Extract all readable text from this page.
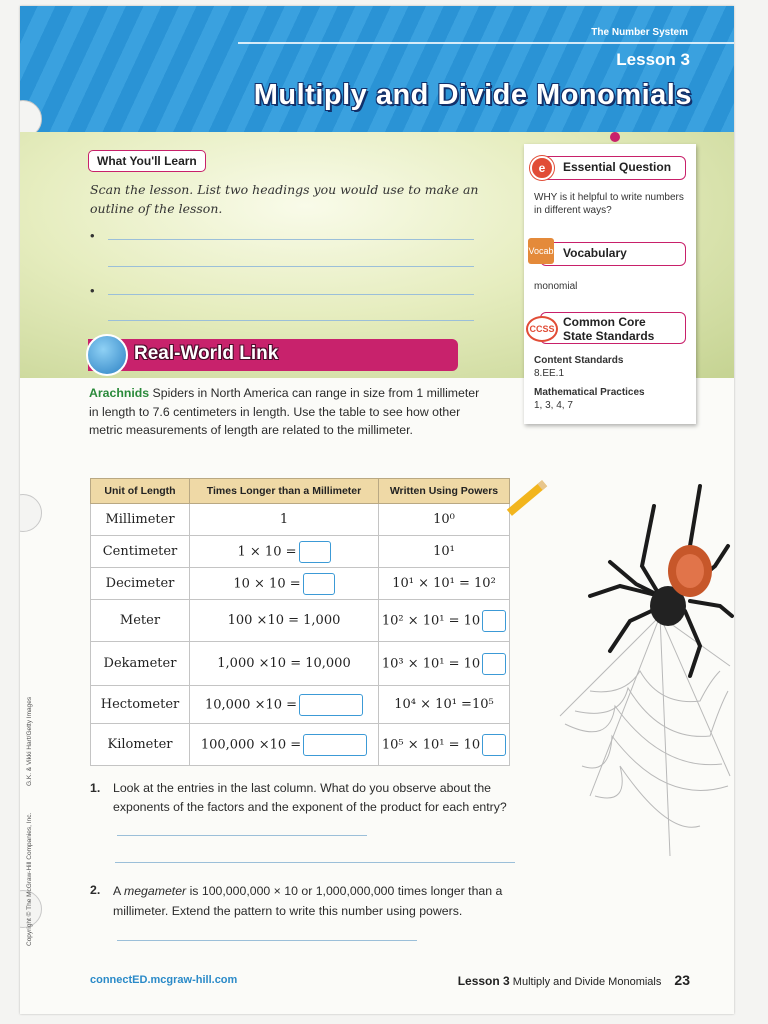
The Number System
Lesson 3
Multiply and Divide Monomials
What You'll Learn
Scan the lesson. List two headings you would use to make an outline of the lesson.
•
•
Essential Question
e
WHY is it helpful to write numbers in different ways?
Vocabulary
Vocab
monomial
Common Core
State Standards
CCSS
Content Standards
8.EE.1
Mathematical Practices
1, 3, 4, 7
Real-World Link
Arachnids Spiders in North America can range in size from 1 millimeter in length to 7.6 centimeters in length. Use the table to see how other metric measurements of length are related to the millimeter.
Unit of Length	Times Longer than a Millimeter	Written Using Powers
Millimeter	1	10⁰
Centimeter	1 × 10 =	10¹
Decimeter	10 × 10 =	10¹ × 10¹ = 10²
Meter	100 ×10 = 1,000	10² × 10¹ = 10
Dekameter	1,000 ×10 = 10,000	10³ × 10¹ = 10
Hectometer	10,000 ×10 =	10⁴ × 10¹ =10⁵
Kilometer	100,000 ×10 =	10⁵ × 10¹ = 10
1. Look at the entries in the last column. What do you observe about the exponents of the factors and the exponent of the product for each entry?
2. A megameter is 100,000,000 × 10 or 1,000,000,000 times longer than a millimeter. Extend the pattern to write this number using powers.
Copyright © The McGraw-Hill Companies, Inc.
G.K. & Vikki Hart/Getty Images
connectED.mcgraw-hill.com	Lesson 3 Multiply and Divide Monomials 23
